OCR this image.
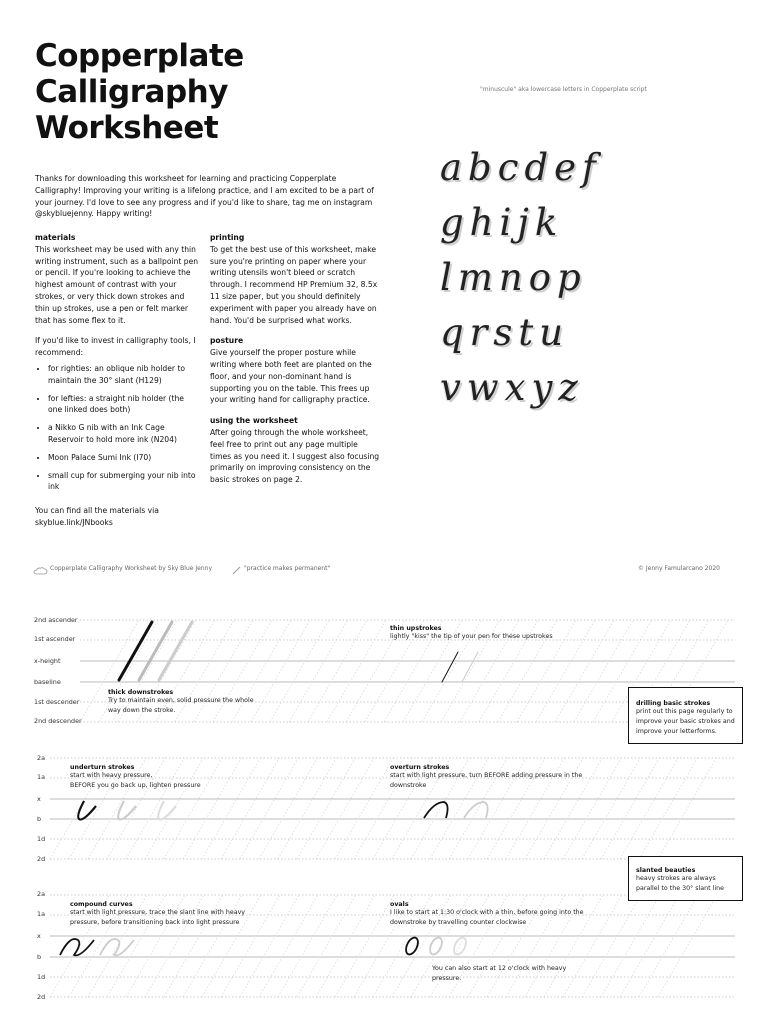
Copperplate Calligraphy Worksheet
Thanks for downloading this worksheet for learning and practicing Copperplate Calligraphy! Improving your writing is a lifelong practice, and I am excited to be a part of your journey. I'd love to see any progress and if you'd like to share, tag me on instagram @skybluejenny. Happy writing!
materials

This worksheet may be used with any thin writing instrument, such as a ballpoint pen or pencil. If you're looking to achieve the highest amount of contrast with your strokes, or very thick down strokes and thin up strokes, use a pen or felt marker that has some flex to it.

If you'd like to invest in calligraphy tools, I recommend:
• for righties: an oblique nib holder to maintain the 30° slant (H129)
• for lefties: a straight nib holder (the one linked does both)
• a Nikko G nib with an Ink Cage Reservoir to hold more ink (N204)
• Moon Palace Sumi Ink (I70)
• small cup for submerging your nib into ink
You can find all the materials via skyblue.link/JNbooks
printing

To get the best use of this worksheet, make sure you're printing on paper where your writing utensils won't bleed or scratch through. I recommend HP Premium 32, 8.5x 11 size paper, but you should definitely experiment with paper you already have on hand. You'd be surprised what works.

posture

Give yourself the proper posture while writing where both feet are planted on the floor, and your non-dominant hand is supporting you on the table. This frees up your writing hand for calligraphy practice.

using the worksheet

After going through the whole worksheet, feel free to print out any page multiple times as you need it. I suggest also focusing primarily on improving consistency on the basic strokes on page 2.

"minuscule" aka lowercase letters in Copperplate script
abcdef
ghijk
lmnop
qrstu
vwxyz
Copperplate Calligraphy Worksheet by Sky Blue Jenny	"practice makes permanent"	© Jenny Famularcano 2020
2nd ascender
1st ascender
x-height
baseline
1st descender
2nd descender
2a
1a
x
b
1d
2d
2a
1a
x
b
1d
2d
thick downstrokes
Try to maintain even, solid pressure the whole way down the stroke.
thin upstrokes
lightly "kiss" the tip of your pen for these upstrokes
drilling basic strokes
print out this page regularly to improve your basic strokes and improve your letterforms.
underturn strokes
start with heavy pressure,
BEFORE you go back up, lighten pressure
overturn strokes
start with light pressure, turn BEFORE adding pressure in the downstroke
slanted beauties
heavy strokes are always parallel to the 30° slant line
compound curves
start with light pressure, trace the slant line with heavy pressure, before transitioning back into light pressure
ovals
I like to start at 1:30 o'clock with a thin, before going into the downstroke by travelling counter clockwise
You can also start at 12 o'clock with heavy pressure.
